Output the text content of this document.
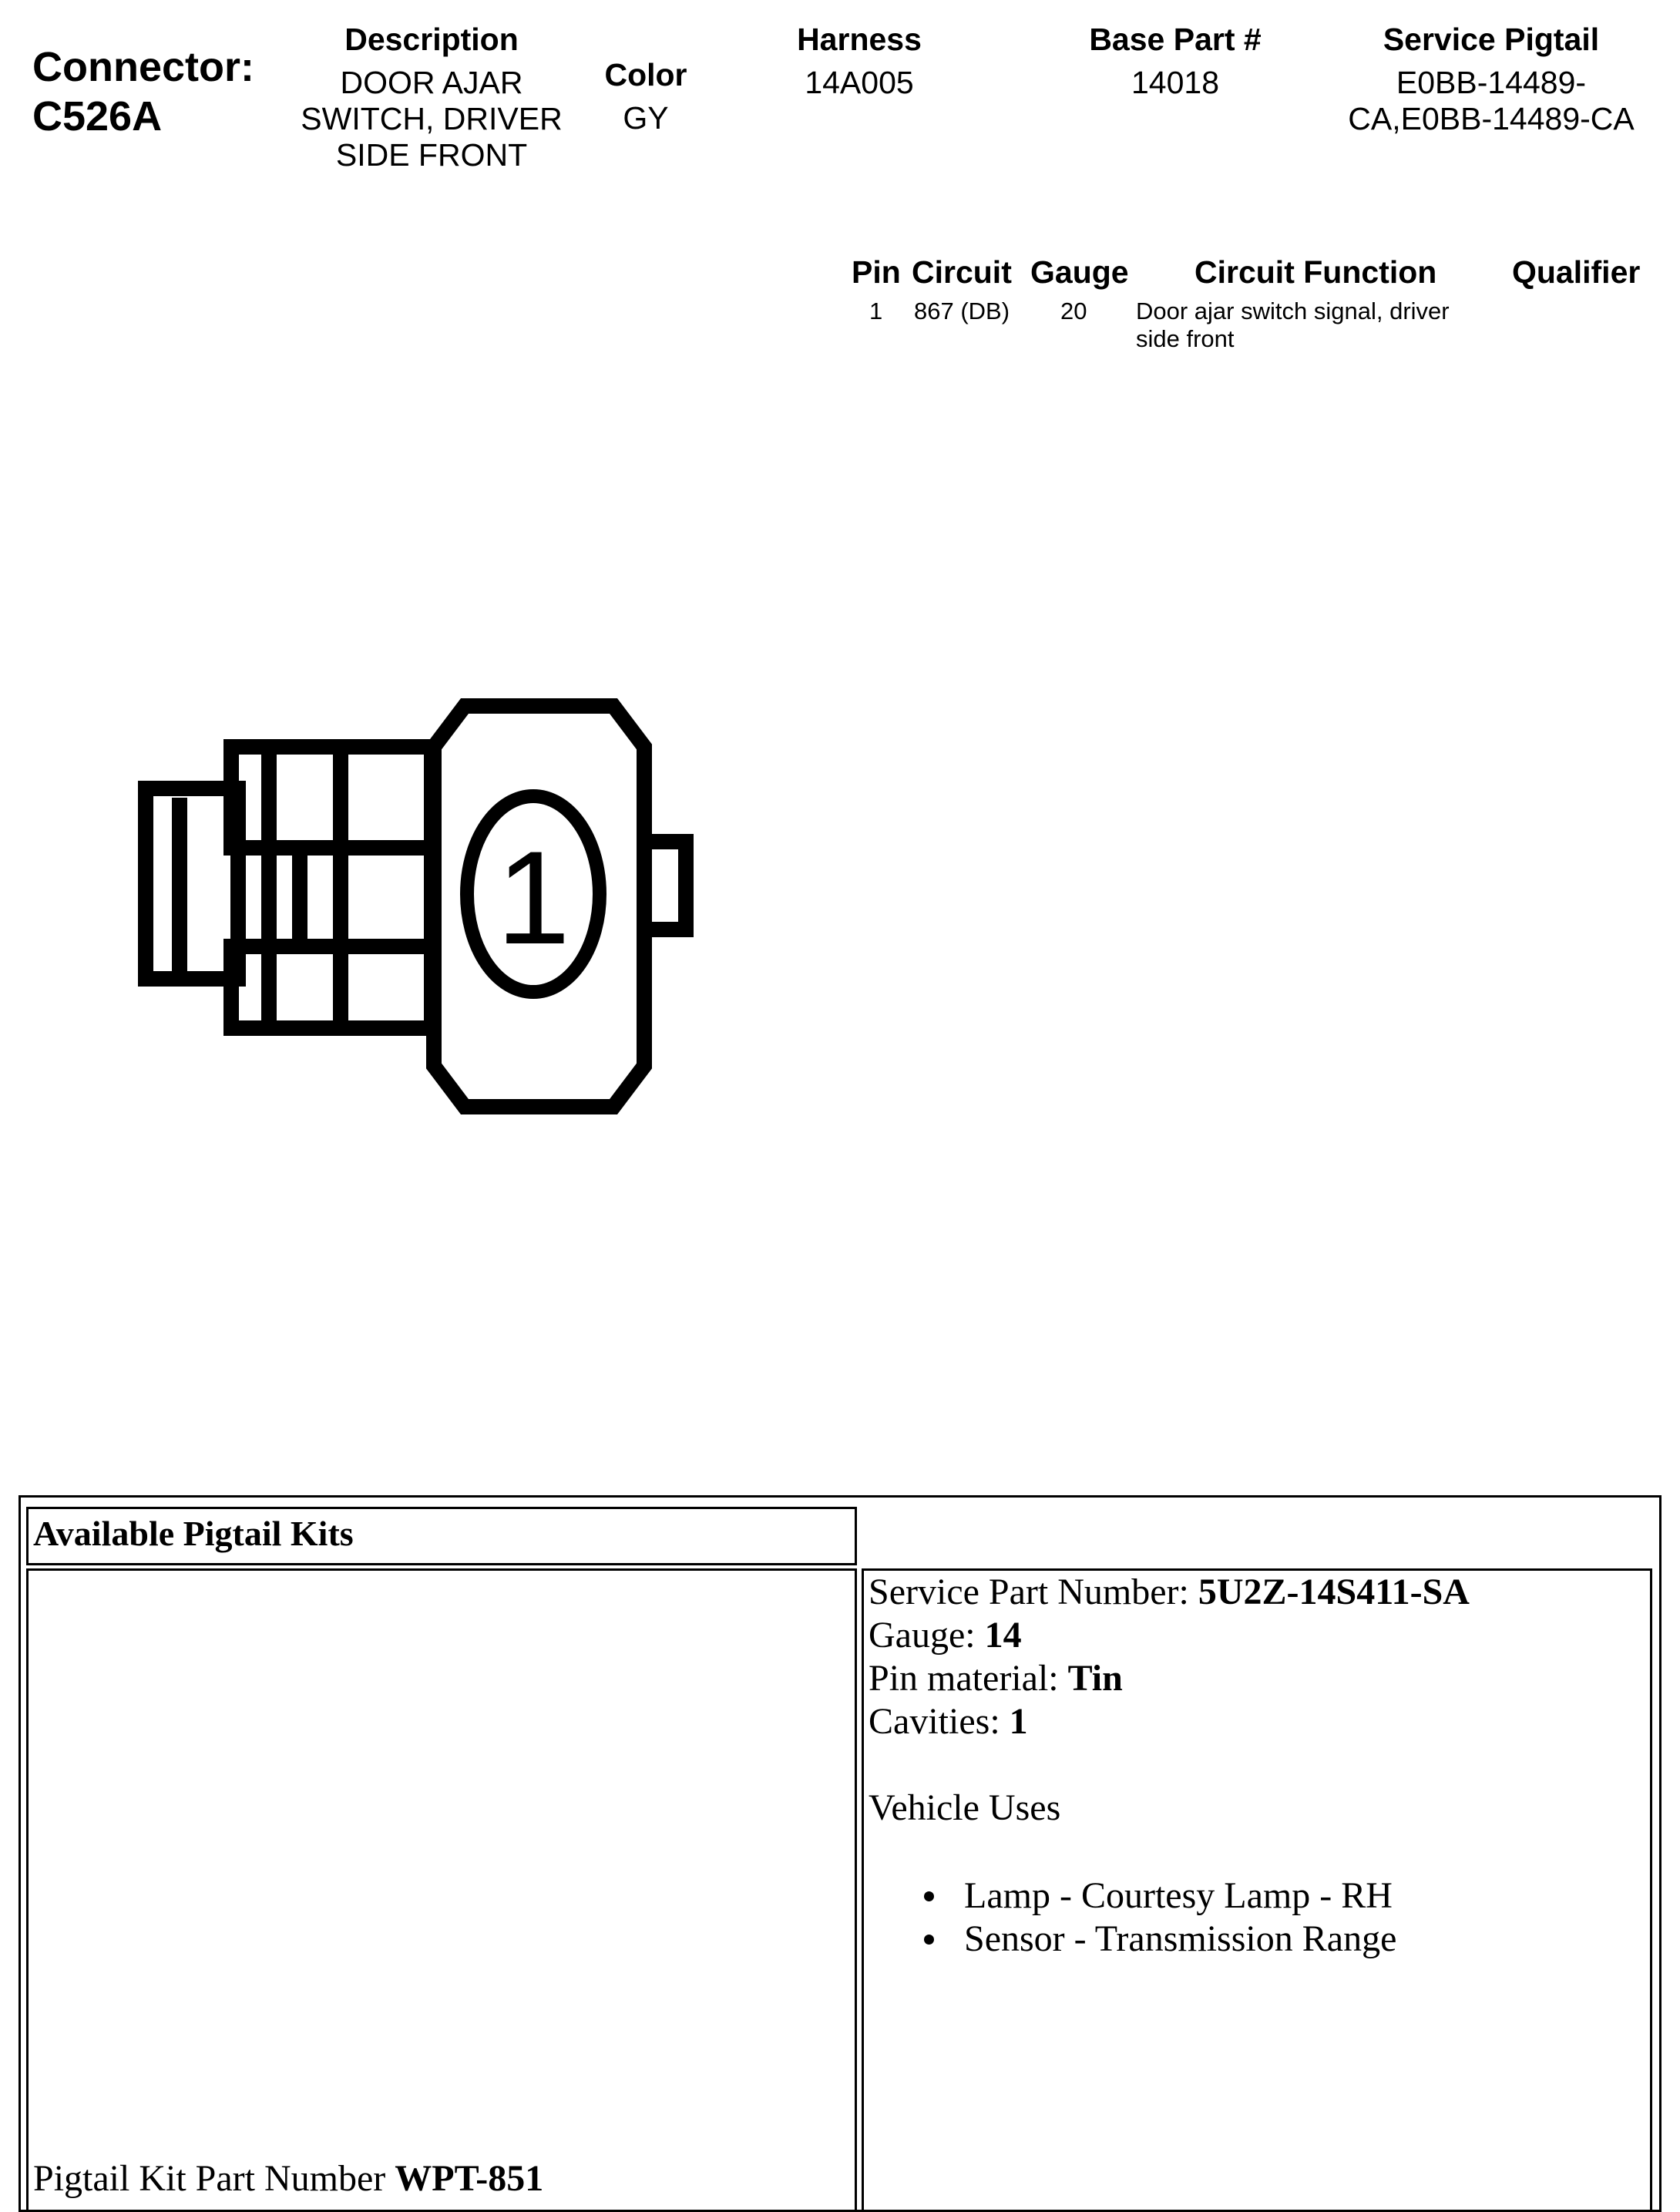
Connector:
C526A
Description
DOOR AJAR SWITCH, DRIVER SIDE FRONT
Color
GY
Harness
14A005
Base Part #
14018
Service Pigtail
E0BB-14489-CA,E0BB-14489-CA
Pin Circuit Gauge Circuit Function Qualifier
1 867 (DB) 20 Door ajar switch signal, driver side front
1
Available Pigtail Kits
Pigtail Kit Part Number WPT-851
Service Part Number: 5U2Z-14S411-SA
Gauge: 14
Pin material: Tin
Cavities: 1
Vehicle Uses
Lamp - Courtesy Lamp - RH
Sensor - Transmission Range
